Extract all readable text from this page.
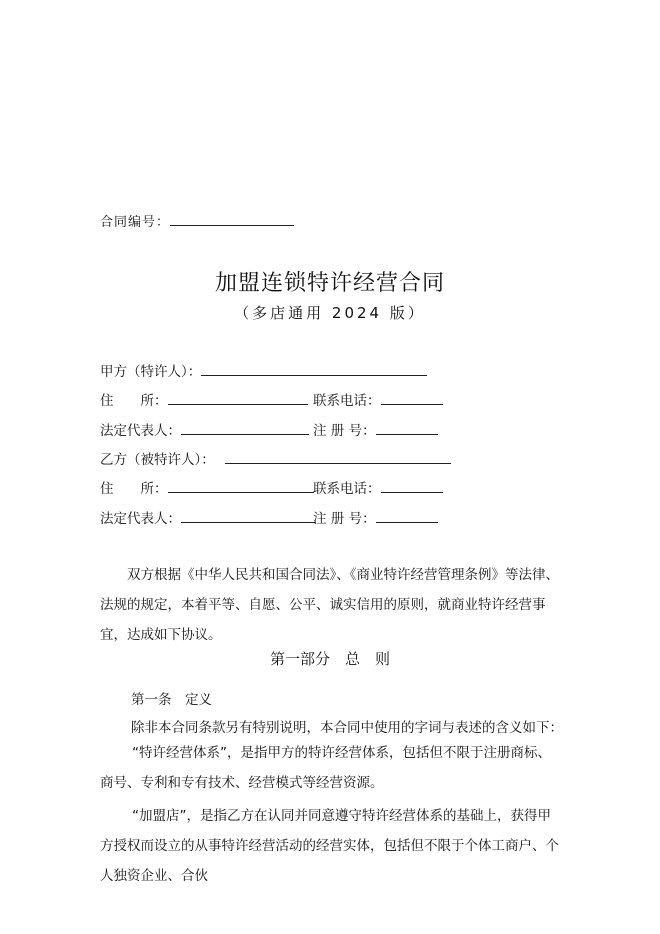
合同编号：
加盟连锁特许经营合同
（多店通用 2024 版）
甲方（特许人）：
住　　所：	联系电话：
法定代表人：	注 册 号：
乙方（被特许人）：
住　　所：	联系电话：
法定代表人：	注 册 号：
双方根据《中华人民共和国合同法》、《商业特许经营管理条例》等法律、法规的规定，本着平等、自愿、公平、诚实信用的原则，就商业特许经营事宜，达成如下协议。
第一部分　总　则
第一条　定义
除非本合同条款另有特别说明，本合同中使用的字词与表述的含义如下：
“特许经营体系”，是指甲方的特许经营体系，包括但不限于注册商标、商号、专利和专有技术、经营模式等经营资源。
“加盟店”，是指乙方在认同并同意遵守特许经营体系的基础上，获得甲方授权而设立的从事特许经营活动的经营实体，包括但不限于个体工商户、个人独资企业、合伙
